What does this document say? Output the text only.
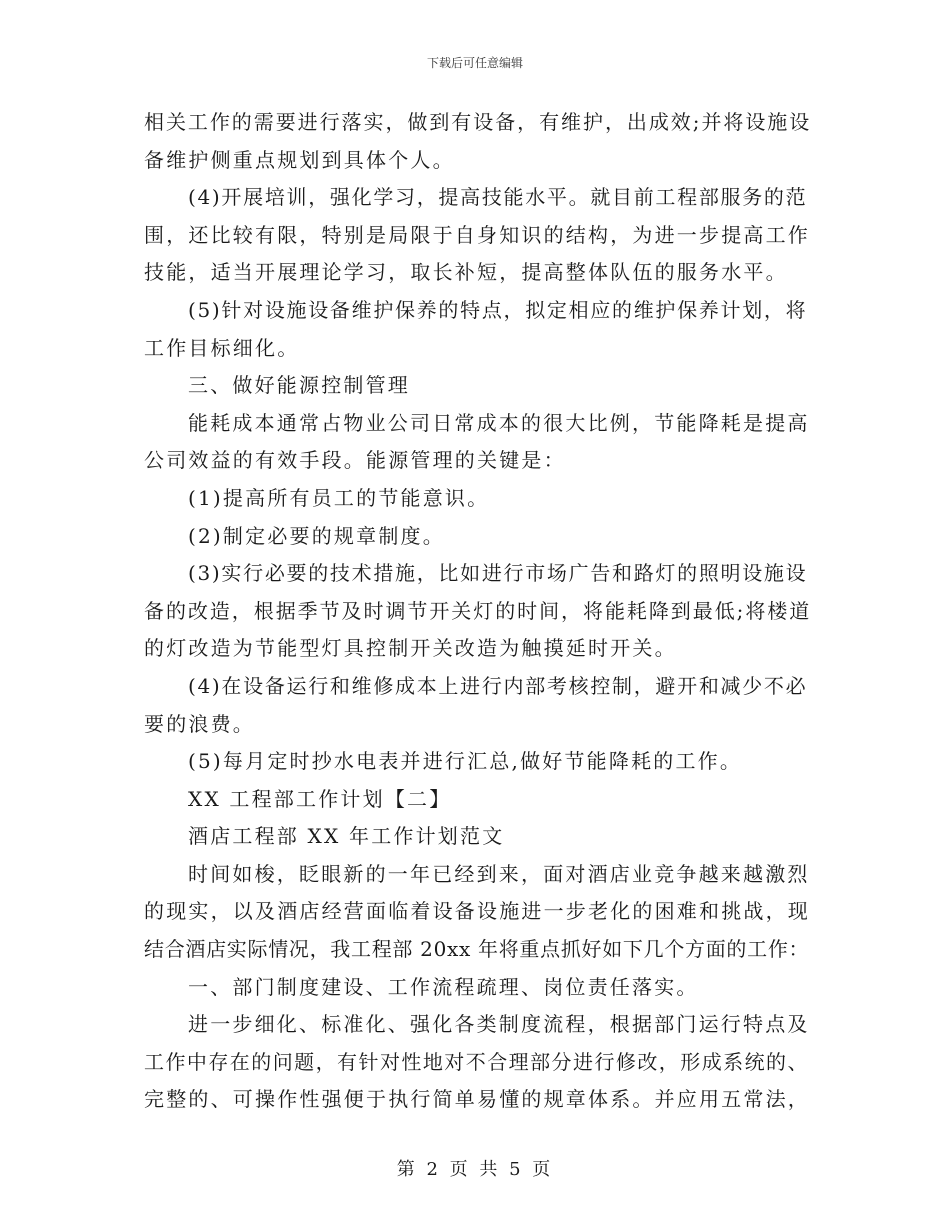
下载后可任意编辑
相关工作的需要进行落实，做到有设备，有维护，出成效;并将设施设
备维护侧重点规划到具体个人。
(4)开展培训，强化学习，提高技能水平。就目前工程部服务的范
围，还比较有限，特别是局限于自身知识的结构，为进一步提高工作
技能，适当开展理论学习，取长补短，提高整体队伍的服务水平。
(5)针对设施设备维护保养的特点，拟定相应的维护保养计划，将
工作目标细化。
三、做好能源控制管理
能耗成本通常占物业公司日常成本的很大比例，节能降耗是提高
公司效益的有效手段。能源管理的关键是：
(1)提高所有员工的节能意识。
(2)制定必要的规章制度。
(3)实行必要的技术措施，比如进行市场广告和路灯的照明设施设
备的改造，根据季节及时调节开关灯的时间，将能耗降到最低;将楼道
的灯改造为节能型灯具控制开关改造为触摸延时开关。
(4)在设备运行和维修成本上进行内部考核控制，避开和减少不必
要的浪费。
(5)每月定时抄水电表并进行汇总,做好节能降耗的工作。
XX 工程部工作计划【二】
酒店工程部 XX 年工作计划范文
时间如梭，眨眼新的一年已经到来，面对酒店业竞争越来越激烈
的现实，以及酒店经营面临着设备设施进一步老化的困难和挑战，现
结合酒店实际情况，我工程部 20xx 年将重点抓好如下几个方面的工作：
一、部门制度建设、工作流程疏理、岗位责任落实。
进一步细化、标准化、强化各类制度流程，根据部门运行特点及
工作中存在的问题，有针对性地对不合理部分进行修改，形成系统的、
完整的、可操作性强便于执行简单易懂的规章体系。并应用五常法，
第 2 页 共 5 页
